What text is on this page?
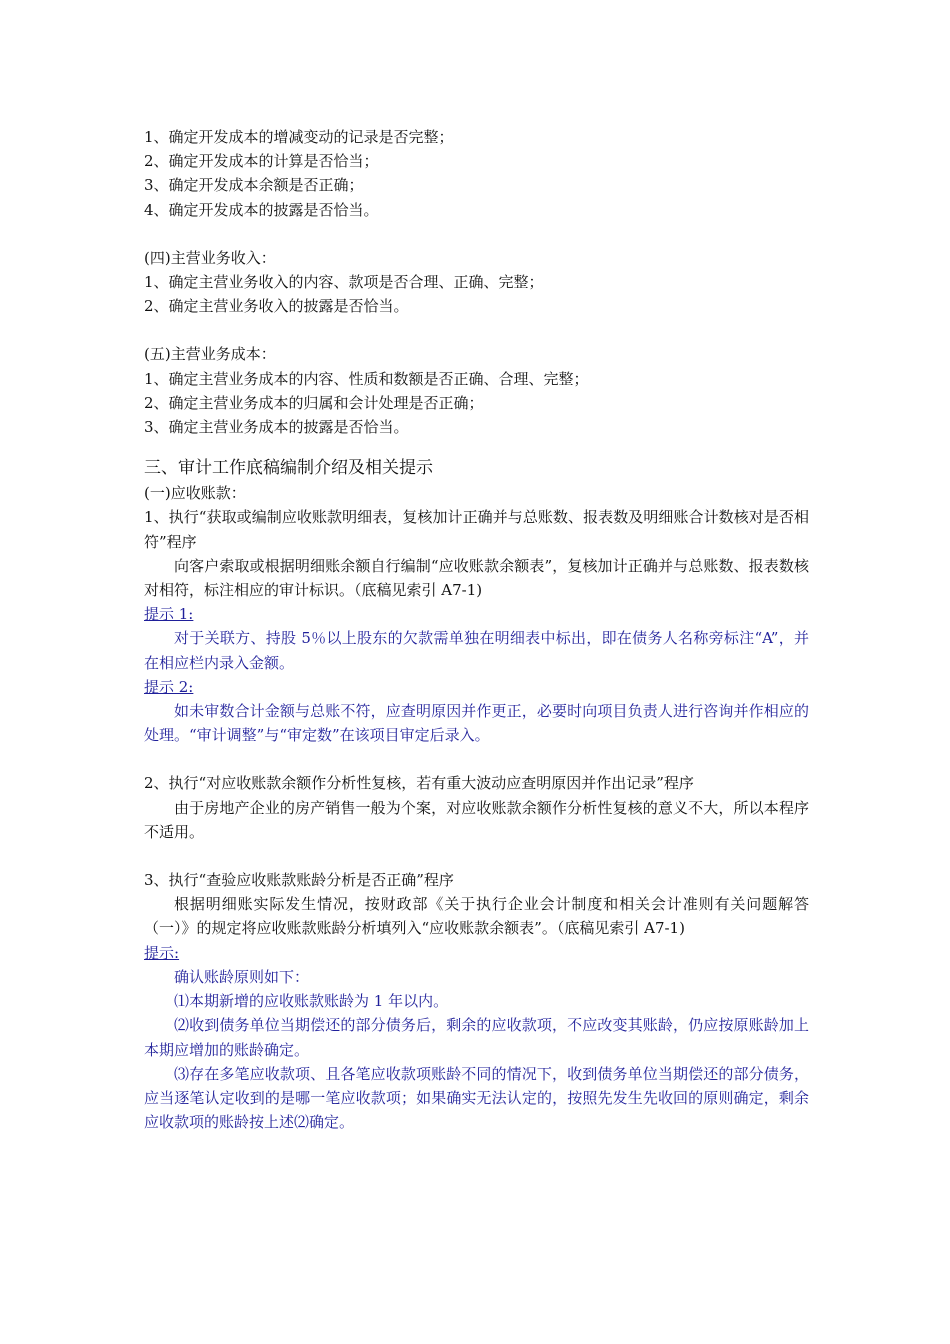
1、确定开发成本的增减变动的记录是否完整；

2、确定开发成本的计算是否恰当；

3、确定开发成本余额是否正确；

4、确定开发成本的披露是否恰当。

(四)主营业务收入：

1、确定主营业务收入的内容、款项是否合理、正确、完整；

2、确定主营业务收入的披露是否恰当。

(五)主营业务成本：

1、确定主营业务成本的内容、性质和数额是否正确、合理、完整；

2、确定主营业务成本的归属和会计处理是否正确；

3、确定主营业务成本的披露是否恰当。

三、审计工作底稿编制介绍及相关提示

(一)应收账款：

1、执行“获取或编制应收账款明细表，复核加计正确并与总账数、报表数及明细账合计数核对是否相符”程序

向客户索取或根据明细账余额自行编制“应收账款余额表”，复核加计正确并与总账数、报表数核对相符，标注相应的审计标识。（底稿见索引 A7-1)

提示 1:

对于关联方、持股 5％以上股东的欠款需单独在明细表中标出，即在债务人名称旁标注“A”，并在相应栏内录入金额。

提示 2:

如未审数合计金额与总账不符，应查明原因并作更正，必要时向项目负责人进行咨询并作相应的处理。“审计调整”与“审定数”在该项目审定后录入。

2、执行“对应收账款余额作分析性复核，若有重大波动应查明原因并作出记录”程序

由于房地产企业的房产销售一般为个案，对应收账款余额作分析性复核的意义不大，所以本程序不适用。

3、执行“查验应收账款账龄分析是否正确”程序

根据明细账实际发生情况，按财政部《关于执行企业会计制度和相关会计准则有关问题解答（一）》的规定将应收账款账龄分析填列入“应收账款余额表”。（底稿见索引 A7-1)

提示:

确认账龄原则如下：

⑴本期新增的应收账款账龄为 1 年以内。

⑵收到债务单位当期偿还的部分债务后，剩余的应收款项，不应改变其账龄，仍应按原账龄加上本期应增加的账龄确定。

⑶存在多笔应收款项、且各笔应收款项账龄不同的情况下，收到债务单位当期偿还的部分债务，应当逐笔认定收到的是哪一笔应收款项；如果确实无法认定的，按照先发生先收回的原则确定，剩余应收款项的账龄按上述⑵确定。
